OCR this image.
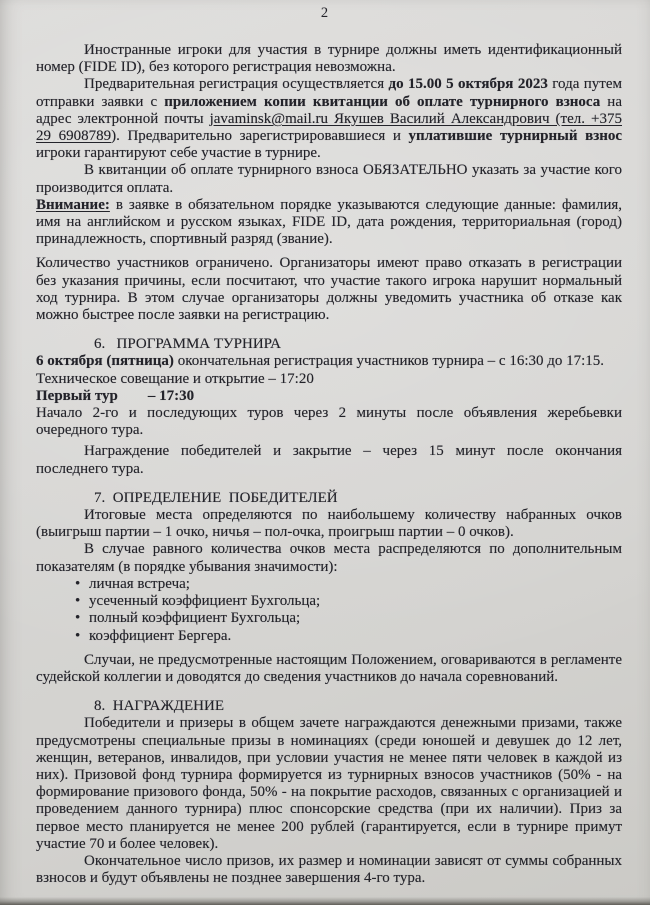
2

Иностранные игроки для участия в турнире должны иметь идентификационный номер (FIDE ID), без которого регистрация невозможна.

Предварительная регистрация осуществляется до 15.00 5 октября 2023 года путем отправки заявки с приложением копии квитанции об оплате турнирного взноса на адрес электронной почты javaminsk@mail.ru Якушев Василий Александрович (тел. +375 29 6908789). Предварительно зарегистрировавшиеся и уплатившие турнирный взнос игроки гарантируют себе участие в турнире.

В квитанции об оплате турнирного взноса ОБЯЗАТЕЛЬНО указать за участие кого производится оплата.

Внимание: в заявке в обязательном порядке указываются следующие данные: фамилия, имя на английском и русском языках, FIDE ID, дата рождения, территориальная (город) принадлежность, спортивный разряд (звание).

Количество участников ограничено. Организаторы имеют право отказать в регистрации без указания причины, если посчитают, что участие такого игрока нарушит нормальный ход турнира. В этом случае организаторы должны уведомить участника об отказе как можно быстрее после заявки на регистрацию.

6.   ПРОГРАММА ТУРНИРА

6 октября (пятница) окончательная регистрация участников турнира – с 16:30 до 17:15.

Техническое совещание и открытие – 17:20

Первый тур        – 17:30

Начало 2-го и последующих туров через 2 минуты после объявления жеребьевки очередного тура.

Награждение победителей и закрытие – через 15 минут после окончания последнего тура.

7.  ОПРЕДЕЛЕНИЕ  ПОБЕДИТЕЛЕЙ

Итоговые места определяются по наибольшему количеству набранных очков (выигрыш партии – 1 очко, ничья – пол-очка, проигрыш партии – 0 очков).

В случае равного количества очков места распределяются по дополнительным показателям (в порядке убывания значимости):

• личная встреча;
• усеченный коэффициент Бухгольца;
• полный коэффициент Бухгольца;
• коэффициент Бергера.

Случаи, не предусмотренные настоящим Положением, оговариваются в регламенте судейской коллегии и доводятся до сведения участников до начала соревнований.

8.  НАГРАЖДЕНИЕ

Победители и призеры в общем зачете награждаются денежными призами, также предусмотрены специальные призы в номинациях (среди юношей и девушек до 12 лет, женщин, ветеранов, инвалидов, при условии участия не менее пяти человек в каждой из них). Призовой фонд турнира формируется из турнирных взносов участников (50% - на формирование призового фонда, 50% - на покрытие расходов, связанных с организацией и проведением данного турнира) плюс спонсорские средства (при их наличии). Приз за первое место планируется не менее 200 рублей (гарантируется, если в турнире примут участие 70 и более человек).

Окончательное число призов, их размер и номинации зависят от суммы собранных взносов и будут объявлены не позднее завершения 4-го тура.
